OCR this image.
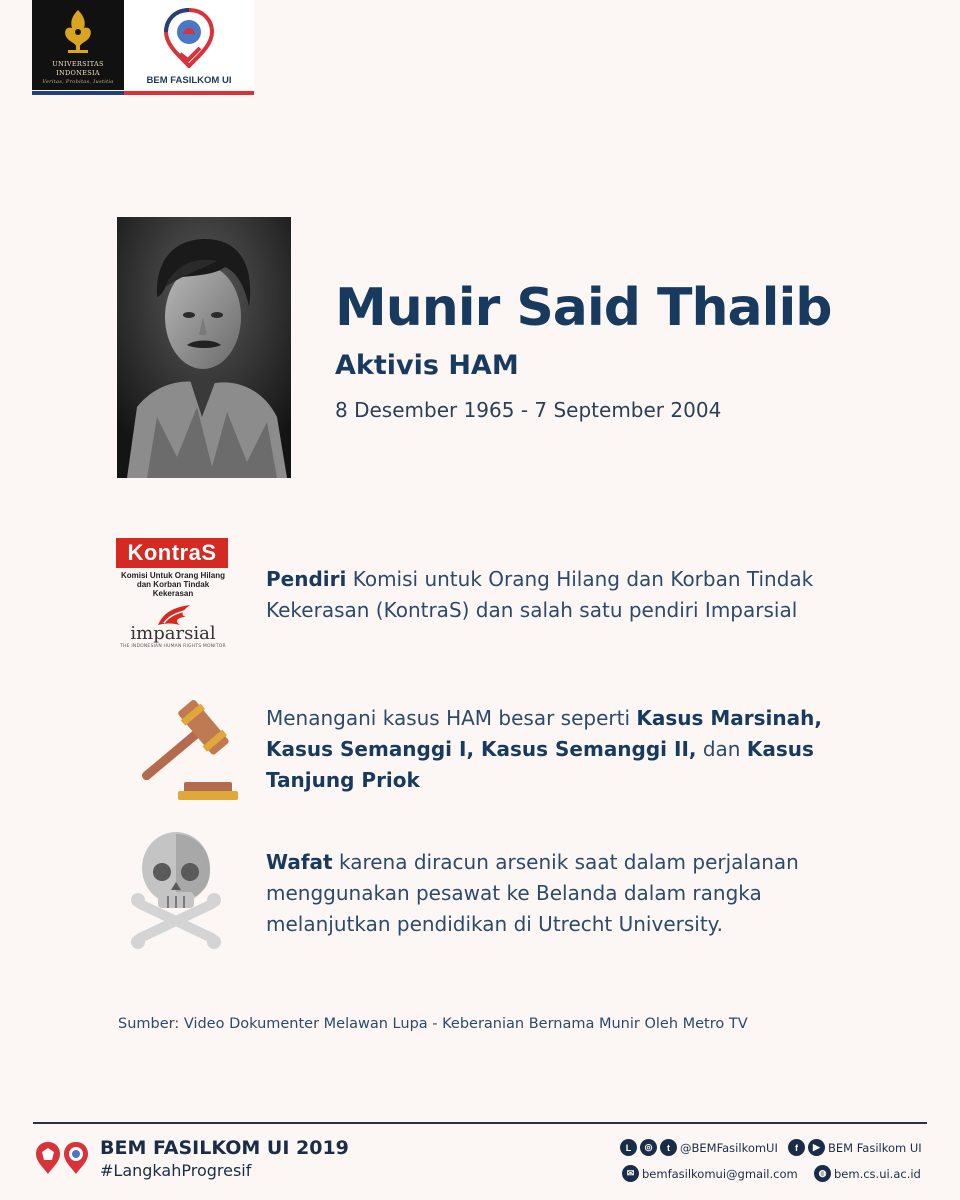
UNIVERSITAS
INDONESIA
Veritas, Probitas, Iustitia	BEM FASILKOM UI
Munir Said Thalib
Aktivis HAM
8 Desember 1965 - 7 September 2004
KontraS
Komisi Untuk Orang Hilang
dan Korban Tindak Kekerasan
imparsial
THE INDONESIAN HUMAN RIGHTS MONITOR
Pendiri Komisi untuk Orang Hilang dan Korban Tindak Kekerasan (KontraS) dan salah satu pendiri Imparsial
Menangani kasus HAM besar seperti Kasus Marsinah, Kasus Semanggi I, Kasus Semanggi II, dan Kasus Tanjung Priok
Wafat karena diracun arsenik saat dalam perjalanan menggunakan pesawat ke Belanda dalam rangka melanjutkan pendidikan di Utrecht University.
Sumber: Video Dokumenter Melawan Lupa - Keberanian Bernama Munir Oleh Metro TV
BEM FASILKOM UI 2019
#LangkahProgresif
L	◎	t @BEMFasilkomUI	f	▶ BEM Fasilkom UI
✉ bemfasilkomui@gmail.com	◍ bem.cs.ui.ac.id
